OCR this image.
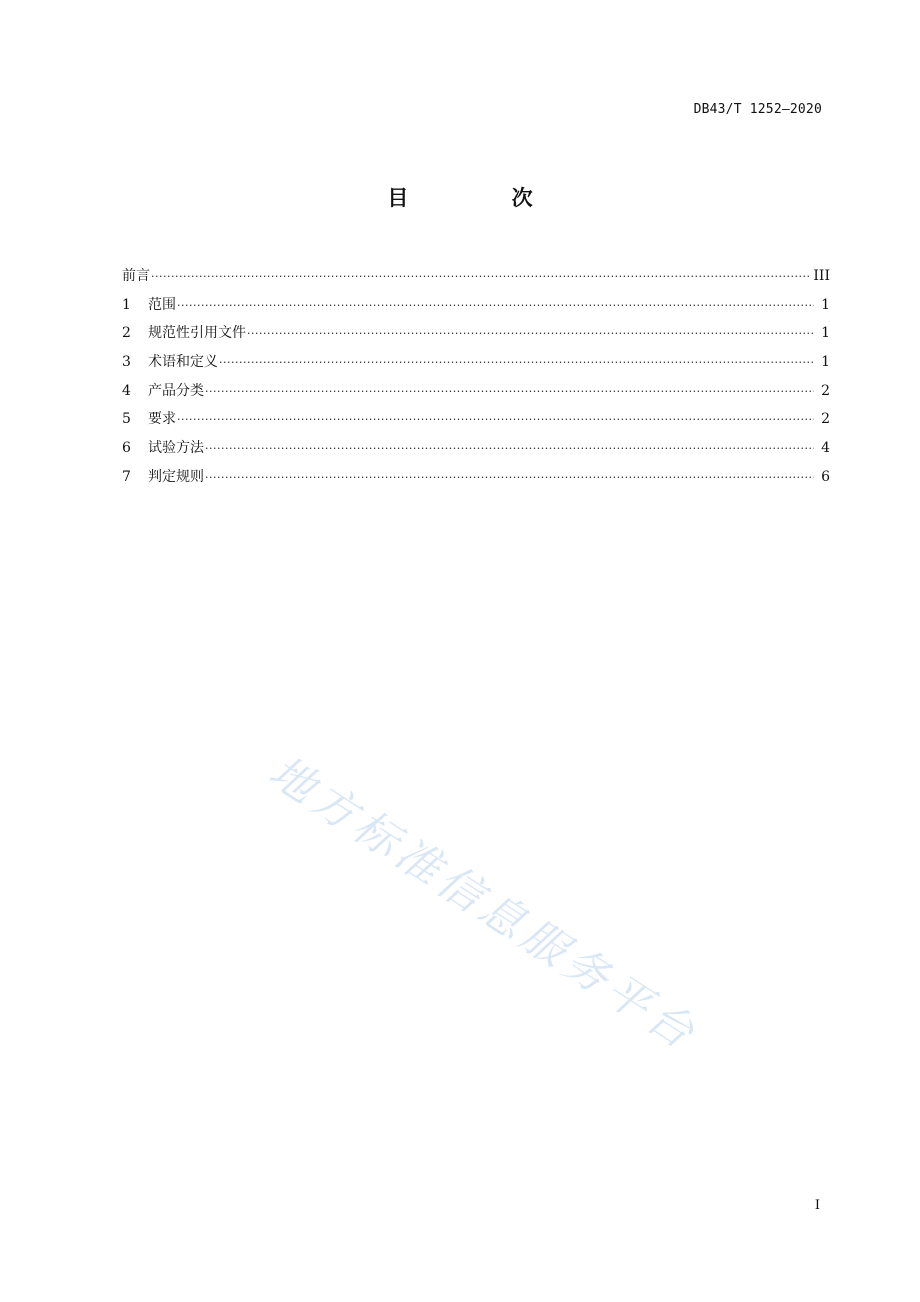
DB43/T 1252—2020
目 次
前言 ·····	III
1	范围 ·····	1
2	规范性引用文件 ·····	1
3	术语和定义 ·····	1
4	产品分类 ·····	2
5	要求 ·····	2
6	试验方法 ·····	4
7	判定规则 ·····	6
地方标准信息服务平台
I
